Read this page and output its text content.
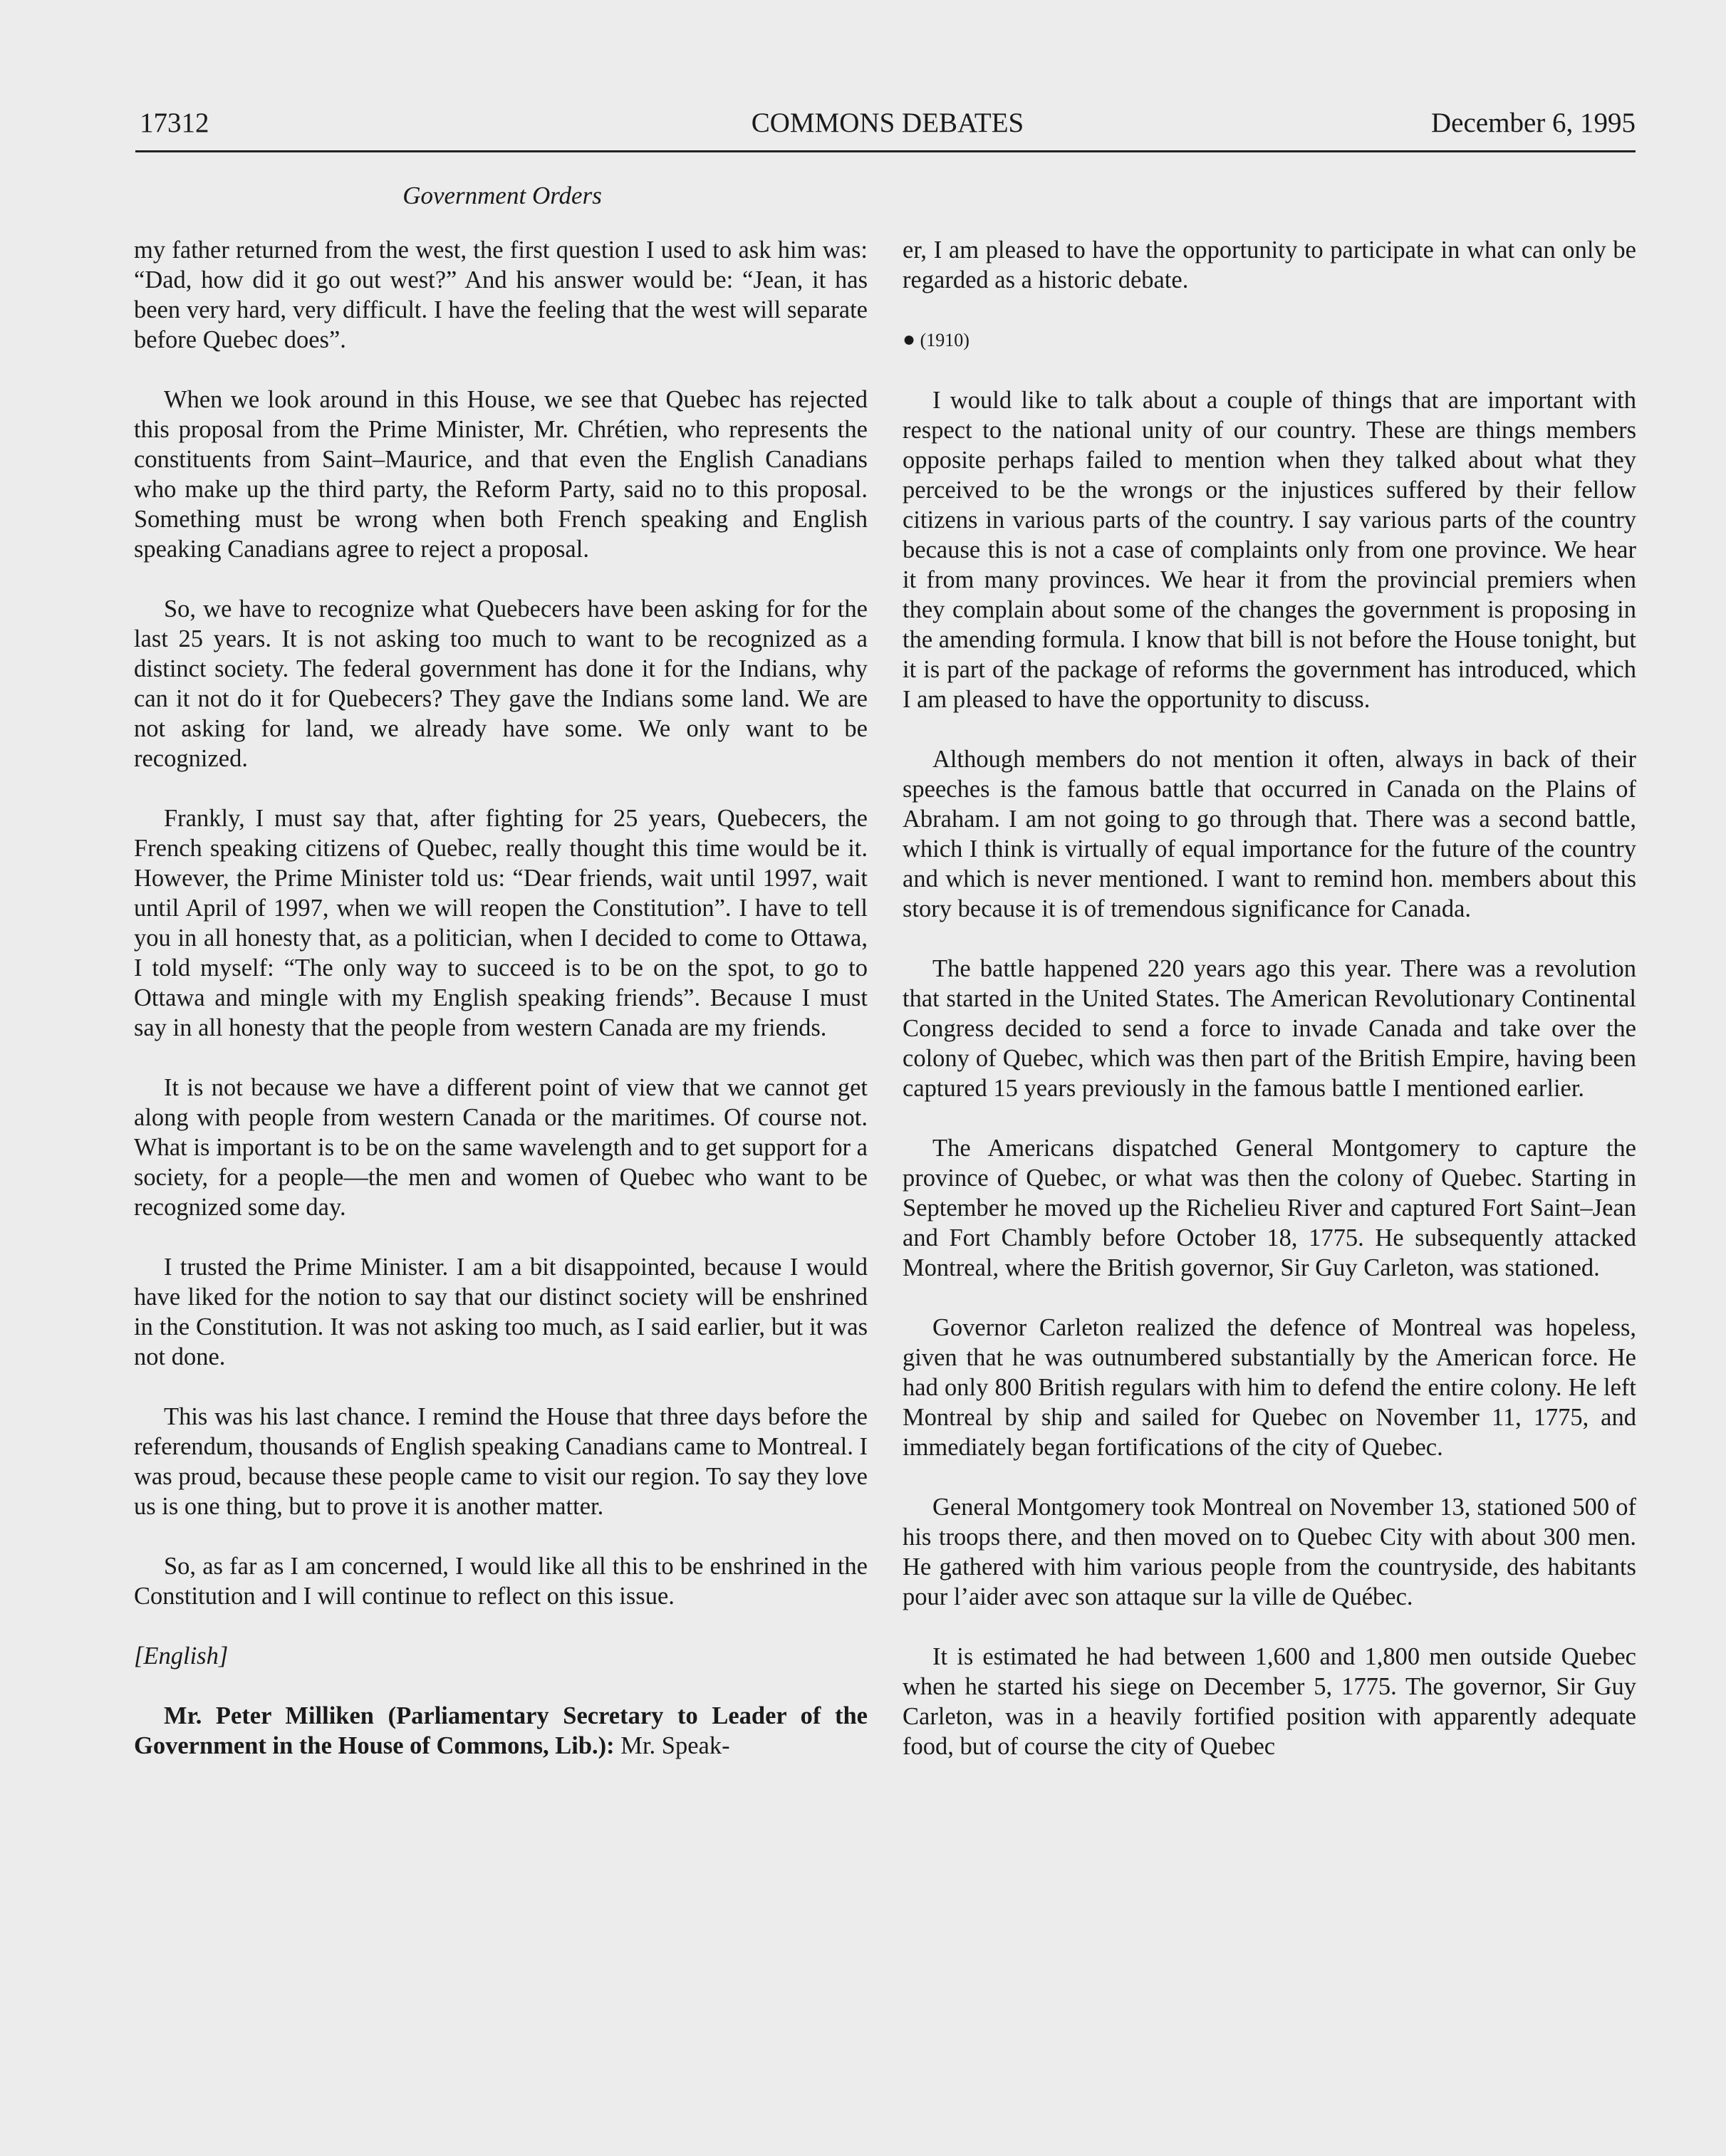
17312	COMMONS DEBATES	December 6, 1995
Government Orders

my father returned from the west, the first question I used to ask him was: “Dad, how did it go out west?” And his answer would be: “Jean, it has been very hard, very difficult. I have the feeling that the west will separate before Quebec does”.

When we look around in this House, we see that Quebec has rejected this proposal from the Prime Minister, Mr. Chrétien, who represents the constituents from Saint–Maurice, and that even the English Canadians who make up the third party, the Reform Party, said no to this proposal. Something must be wrong when both French speaking and English speaking Canadians agree to reject a proposal.

So, we have to recognize what Quebecers have been asking for for the last 25 years. It is not asking too much to want to be recognized as a distinct society. The federal government has done it for the Indians, why can it not do it for Quebecers? They gave the Indians some land. We are not asking for land, we already have some. We only want to be recognized.

Frankly, I must say that, after fighting for 25 years, Quebecers, the French speaking citizens of Quebec, really thought this time would be it. However, the Prime Minister told us: “Dear friends, wait until 1997, wait until April of 1997, when we will reopen the Constitution”. I have to tell you in all honesty that, as a politician, when I decided to come to Ottawa, I told myself: “The only way to succeed is to be on the spot, to go to Ottawa and mingle with my English speaking friends”. Because I must say in all honesty that the people from western Canada are my friends.

It is not because we have a different point of view that we cannot get along with people from western Canada or the maritimes. Of course not. What is important is to be on the same wavelength and to get support for a society, for a people—the men and women of Quebec who want to be recognized some day.

I trusted the Prime Minister. I am a bit disappointed, because I would have liked for the notion to say that our distinct society will be enshrined in the Constitution. It was not asking too much, as I said earlier, but it was not done.

This was his last chance. I remind the House that three days before the referendum, thousands of English speaking Canadians came to Montreal. I was proud, because these people came to visit our region. To say they love us is one thing, but to prove it is another matter.

So, as far as I am concerned, I would like all this to be enshrined in the Constitution and I will continue to reflect on this issue.

[English]

Mr. Peter Milliken (Parliamentary Secretary to Leader of the Government in the House of Commons, Lib.): Mr. Speak-

er, I am pleased to have the opportunity to participate in what can only be regarded as a historic debate.

● (1910)

I would like to talk about a couple of things that are important with respect to the national unity of our country. These are things members opposite perhaps failed to mention when they talked about what they perceived to be the wrongs or the injustices suffered by their fellow citizens in various parts of the country. I say various parts of the country because this is not a case of complaints only from one province. We hear it from many provinces. We hear it from the provincial premiers when they complain about some of the changes the government is proposing in the amending formula. I know that bill is not before the House tonight, but it is part of the package of reforms the government has introduced, which I am pleased to have the opportunity to discuss.

Although members do not mention it often, always in back of their speeches is the famous battle that occurred in Canada on the Plains of Abraham. I am not going to go through that. There was a second battle, which I think is virtually of equal importance for the future of the country and which is never mentioned. I want to remind hon. members about this story because it is of tremendous significance for Canada.

The battle happened 220 years ago this year. There was a revolution that started in the United States. The American Revolutionary Continental Congress decided to send a force to invade Canada and take over the colony of Quebec, which was then part of the British Empire, having been captured 15 years previously in the famous battle I mentioned earlier.

The Americans dispatched General Montgomery to capture the province of Quebec, or what was then the colony of Quebec. Starting in September he moved up the Richelieu River and captured Fort Saint–Jean and Fort Chambly before October 18, 1775. He subsequently attacked Montreal, where the British governor, Sir Guy Carleton, was stationed.

Governor Carleton realized the defence of Montreal was hopeless, given that he was outnumbered substantially by the American force. He had only 800 British regulars with him to defend the entire colony. He left Montreal by ship and sailed for Quebec on November 11, 1775, and immediately began fortifications of the city of Quebec.

General Montgomery took Montreal on November 13, stationed 500 of his troops there, and then moved on to Quebec City with about 300 men. He gathered with him various people from the countryside, des habitants pour l’aider avec son attaque sur la ville de Québec.

It is estimated he had between 1,600 and 1,800 men outside Quebec when he started his siege on December 5, 1775. The governor, Sir Guy Carleton, was in a heavily fortified position with apparently adequate food, but of course the city of Quebec
